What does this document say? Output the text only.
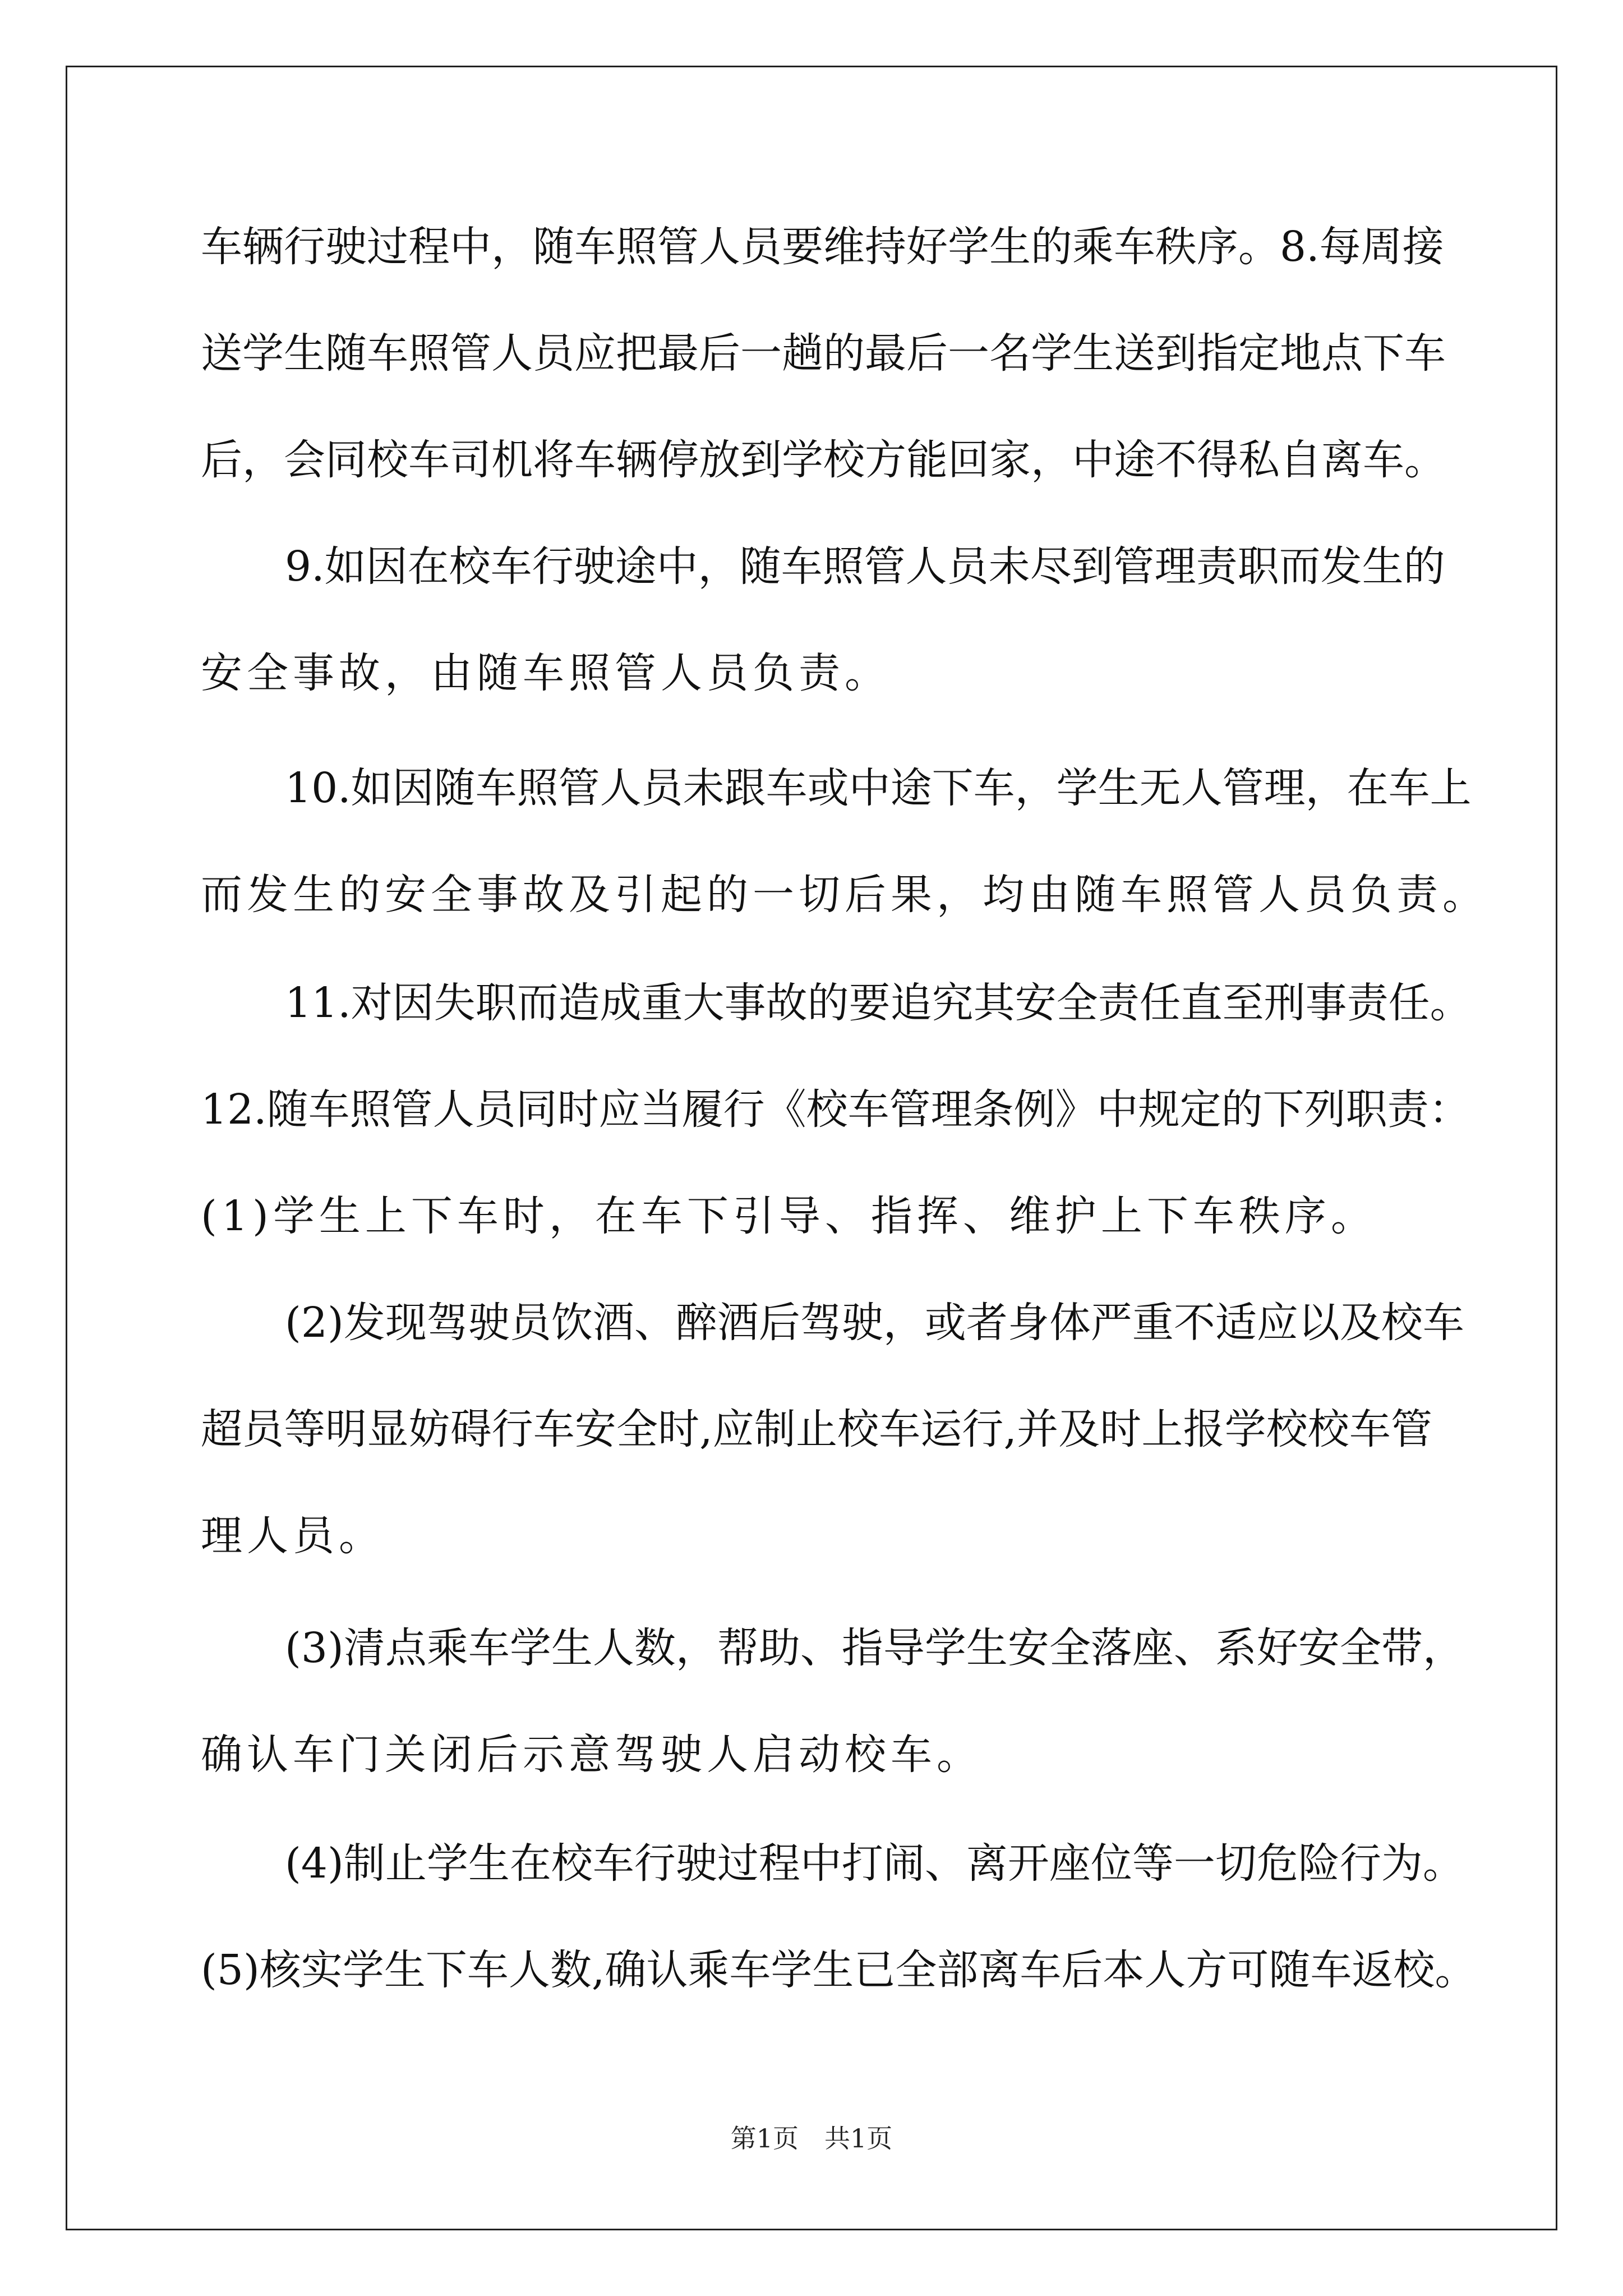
车辆行驶过程中，随车照管人员要维持好学生的乘车秩序。8.每周接
送学生随车照管人员应把最后一趟的最后一名学生送到指定地点下车
后，会同校车司机将车辆停放到学校方能回家，中途不得私自离车。
9.如因在校车行驶途中，随车照管人员未尽到管理责职而发生的
安全事故，由随车照管人员负责。
10.如因随车照管人员未跟车或中途下车，学生无人管理，在车上
而发生的安全事故及引起的一切后果，均由随车照管人员负责。
11.对因失职而造成重大事故的要追究其安全责任直至刑事责任。
12.随车照管人员同时应当履行《校车管理条例》中规定的下列职责：
(1)学生上下车时，在车下引导、指挥、维护上下车秩序。
(2)发现驾驶员饮酒、醉酒后驾驶，或者身体严重不适应以及校车
超员等明显妨碍行车安全时,应制止校车运行,并及时上报学校校车管
理人员。
(3)清点乘车学生人数，帮助、指导学生安全落座、系好安全带，
确认车门关闭后示意驾驶人启动校车。
(4)制止学生在校车行驶过程中打闹、离开座位等一切危险行为。
(5)核实学生下车人数,确认乘车学生已全部离车后本人方可随车返校。
第1页　共1页
